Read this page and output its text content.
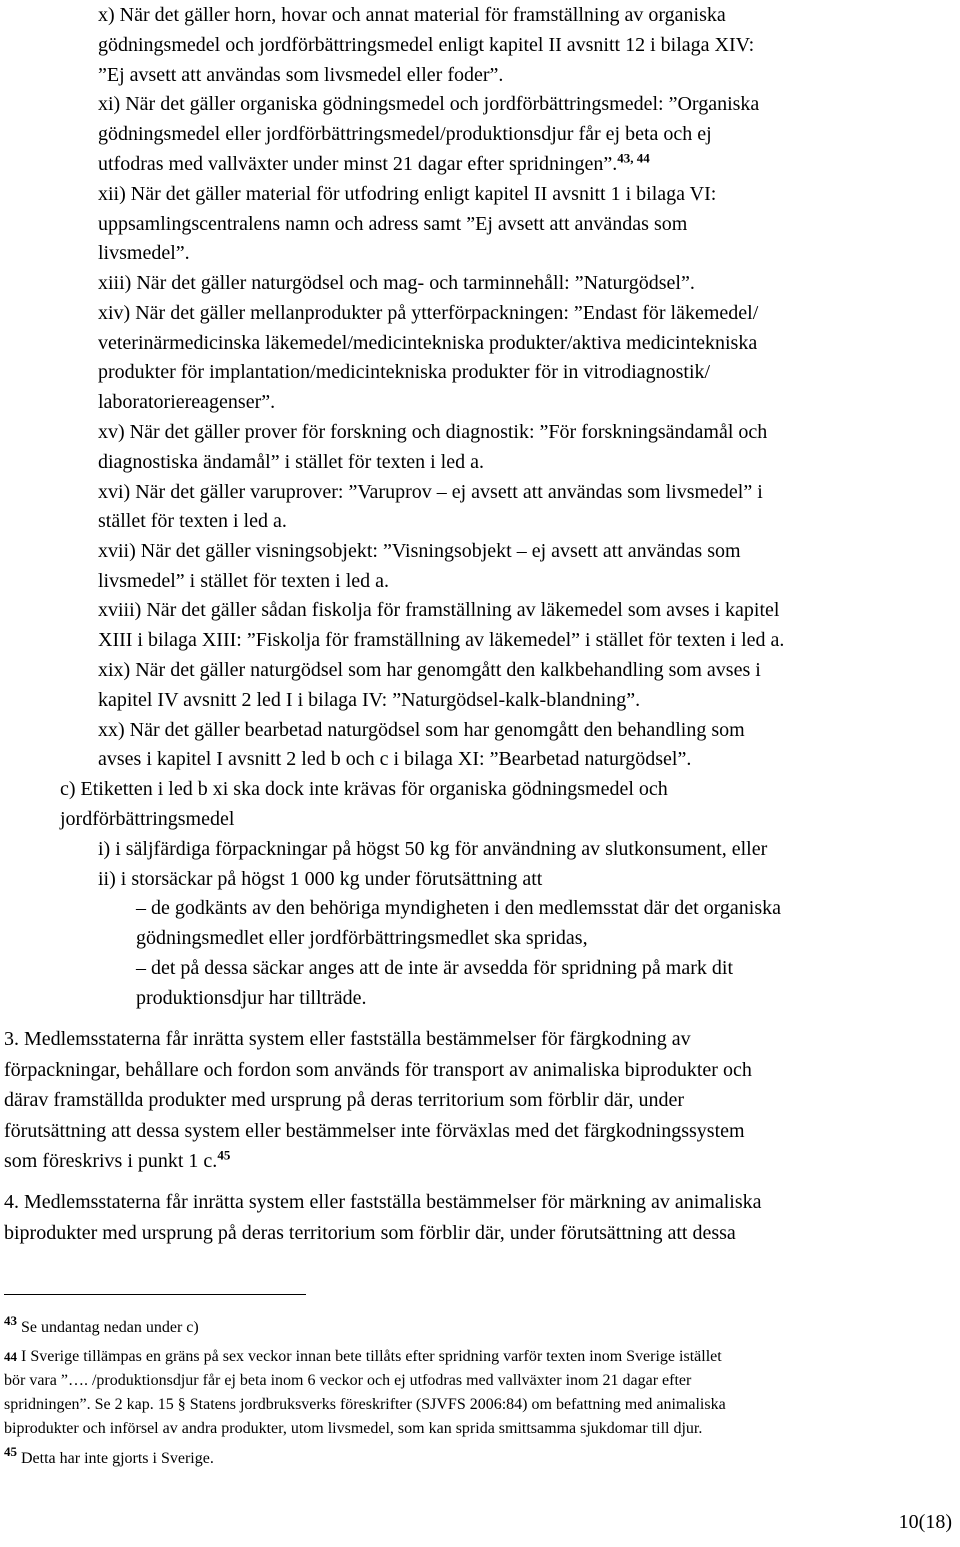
x) När det gäller horn, hovar och annat material för framställning av organiska
gödningsmedel och jordförbättringsmedel enligt kapitel II avsnitt 12 i bilaga XIV:
”Ej avsett att användas som livsmedel eller foder”.
xi) När det gäller organiska gödningsmedel och jordförbättringsmedel: ”Organiska
gödningsmedel eller jordförbättringsmedel/produktionsdjur får ej beta och ej
utfodras med vallväxter under minst 21 dagar efter spridningen”.$^{43, 44}$
xii) När det gäller material för utfodring enligt kapitel II avsnitt 1 i bilaga VI:
uppsamlingscentralens namn och adress samt ”Ej avsett att användas som
livsmedel”.
xiii) När det gäller naturgödsel och mag- och tarminnehåll: ”Naturgödsel”.
xiv) När det gäller mellanprodukter på ytterförpackningen: ”Endast för läkemedel/
veterinärmedicinska läkemedel/medicintekniska produkter/aktiva medicintekniska
produkter för implantation/medicintekniska produkter för in vitrodiagnostik/
laboratoriereagenser”.
xv) När det gäller prover för forskning och diagnostik: ”För forskningsändamål och
diagnostiska ändamål” i stället för texten i led a.
xvi) När det gäller varuprover: ”Varuprov – ej avsett att användas som livsmedel” i
stället för texten i led a.
xvii) När det gäller visningsobjekt: ”Visningsobjekt – ej avsett att användas som
livsmedel” i stället för texten i led a.
xviii) När det gäller sådan fiskolja för framställning av läkemedel som avses i kapitel
XIII i bilaga XIII: ”Fiskolja för framställning av läkemedel” i stället för texten i led a.
xix) När det gäller naturgödsel som har genomgått den kalkbehandling som avses i
kapitel IV avsnitt 2 led I i bilaga IV: ”Naturgödsel-kalk-blandning”.
xx) När det gäller bearbetad naturgödsel som har genomgått den behandling som
avses i kapitel I avsnitt 2 led b och c i bilaga XI: ”Bearbetad naturgödsel”.
c) Etiketten i led b xi ska dock inte krävas för organiska gödningsmedel och
jordförbättringsmedel
i) i säljfärdiga förpackningar på högst 50 kg för användning av slutkonsument, eller
ii) i storsäckar på högst 1 000 kg under förutsättning att
– de godkänts av den behöriga myndigheten i den medlemsstat där det organiska
gödningsmedlet eller jordförbättringsmedlet ska spridas,
– det på dessa säckar anges att de inte är avsedda för spridning på mark dit
produktionsdjur har tillträde.
3. Medlemsstaterna får inrätta system eller fastställa bestämmelser för färgkodning av
förpackningar, behållare och fordon som används för transport av animaliska biprodukter och
därav framställda produkter med ursprung på deras territorium som förblir där, under
förutsättning att dessa system eller bestämmelser inte förväxlas med det färgkodningssystem
som föreskrivs i punkt 1 c.$^{45}$
4. Medlemsstaterna får inrätta system eller fastställa bestämmelser för märkning av animaliska
biprodukter med ursprung på deras territorium som förblir där, under förutsättning att dessa
$^{43}$ Se undantag nedan under c)
44 I Sverige tillämpas en gräns på sex veckor innan bete tillåts efter spridning varför texten inom Sverige istället
bör vara ”…. /produktionsdjur får ej beta inom 6 veckor och ej utfodras med vallväxter inom 21 dagar efter
spridningen”. Se 2 kap. 15 § Statens jordbruksverks föreskrifter (SJVFS 2006:84) om befattning med animaliska
biprodukter och införsel av andra produkter, utom livsmedel, som kan sprida smittsamma sjukdomar till djur.
$^{45}$ Detta har inte gjorts i Sverige.
10(18)
